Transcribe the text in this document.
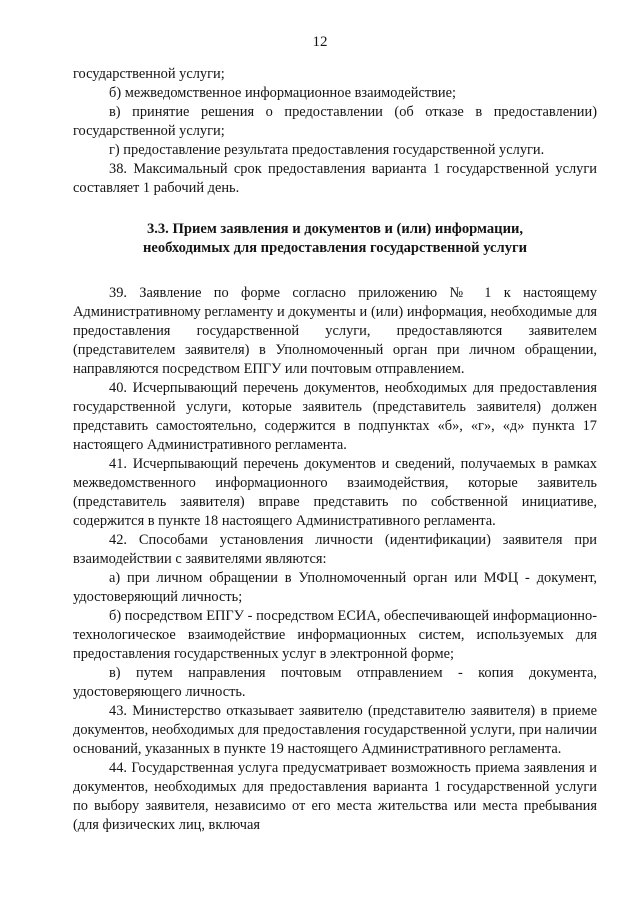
12

государственной услуги;

б) межведомственное информационное взаимодействие;

в) принятие решения о предоставлении (об отказе в предоставлении) государственной услуги;

г) предоставление результата предоставления государственной услуги.

38. Максимальный срок предоставления варианта 1 государственной услуги составляет 1 рабочий день.

3.3. Прием заявления и документов и (или) информации,
необходимых для предоставления государственной услуги

39. Заявление по форме согласно приложению № 1 к настоящему Административному регламенту и документы и (или) информация, необходимые для предоставления государственной услуги, предоставляются заявителем (представителем заявителя) в Уполномоченный орган при личном обращении, направляются посредством ЕПГУ или почтовым отправлением.

40. Исчерпывающий перечень документов, необходимых для предоставления государственной услуги, которые заявитель (представитель заявителя) должен представить самостоятельно, содержится в подпунктах «б», «г», «д» пункта 17 настоящего Административного регламента.

41. Исчерпывающий перечень документов и сведений, получаемых в рамках межведомственного информационного взаимодействия, которые заявитель (представитель заявителя) вправе представить по собственной инициативе, содержится в пункте 18 настоящего Административного регламента.

42. Способами установления личности (идентификации) заявителя при взаимодействии с заявителями являются:

а) при личном обращении в Уполномоченный орган или МФЦ - документ, удостоверяющий личность;

б) посредством ЕПГУ - посредством ЕСИА, обеспечивающей информационно-технологическое взаимодействие информационных систем, используемых для предоставления государственных услуг в электронной форме;

в) путем направления почтовым отправлением - копия документа, удостоверяющего личность.

43. Министерство отказывает заявителю (представителю заявителя) в приеме документов, необходимых для предоставления государственной услуги, при наличии оснований, указанных в пункте 19 настоящего Административного регламента.

44. Государственная услуга предусматривает возможность приема заявления и документов, необходимых для предоставления варианта 1 государственной услуги по выбору заявителя, независимо от его места жительства или места пребывания (для физических лиц, включая
